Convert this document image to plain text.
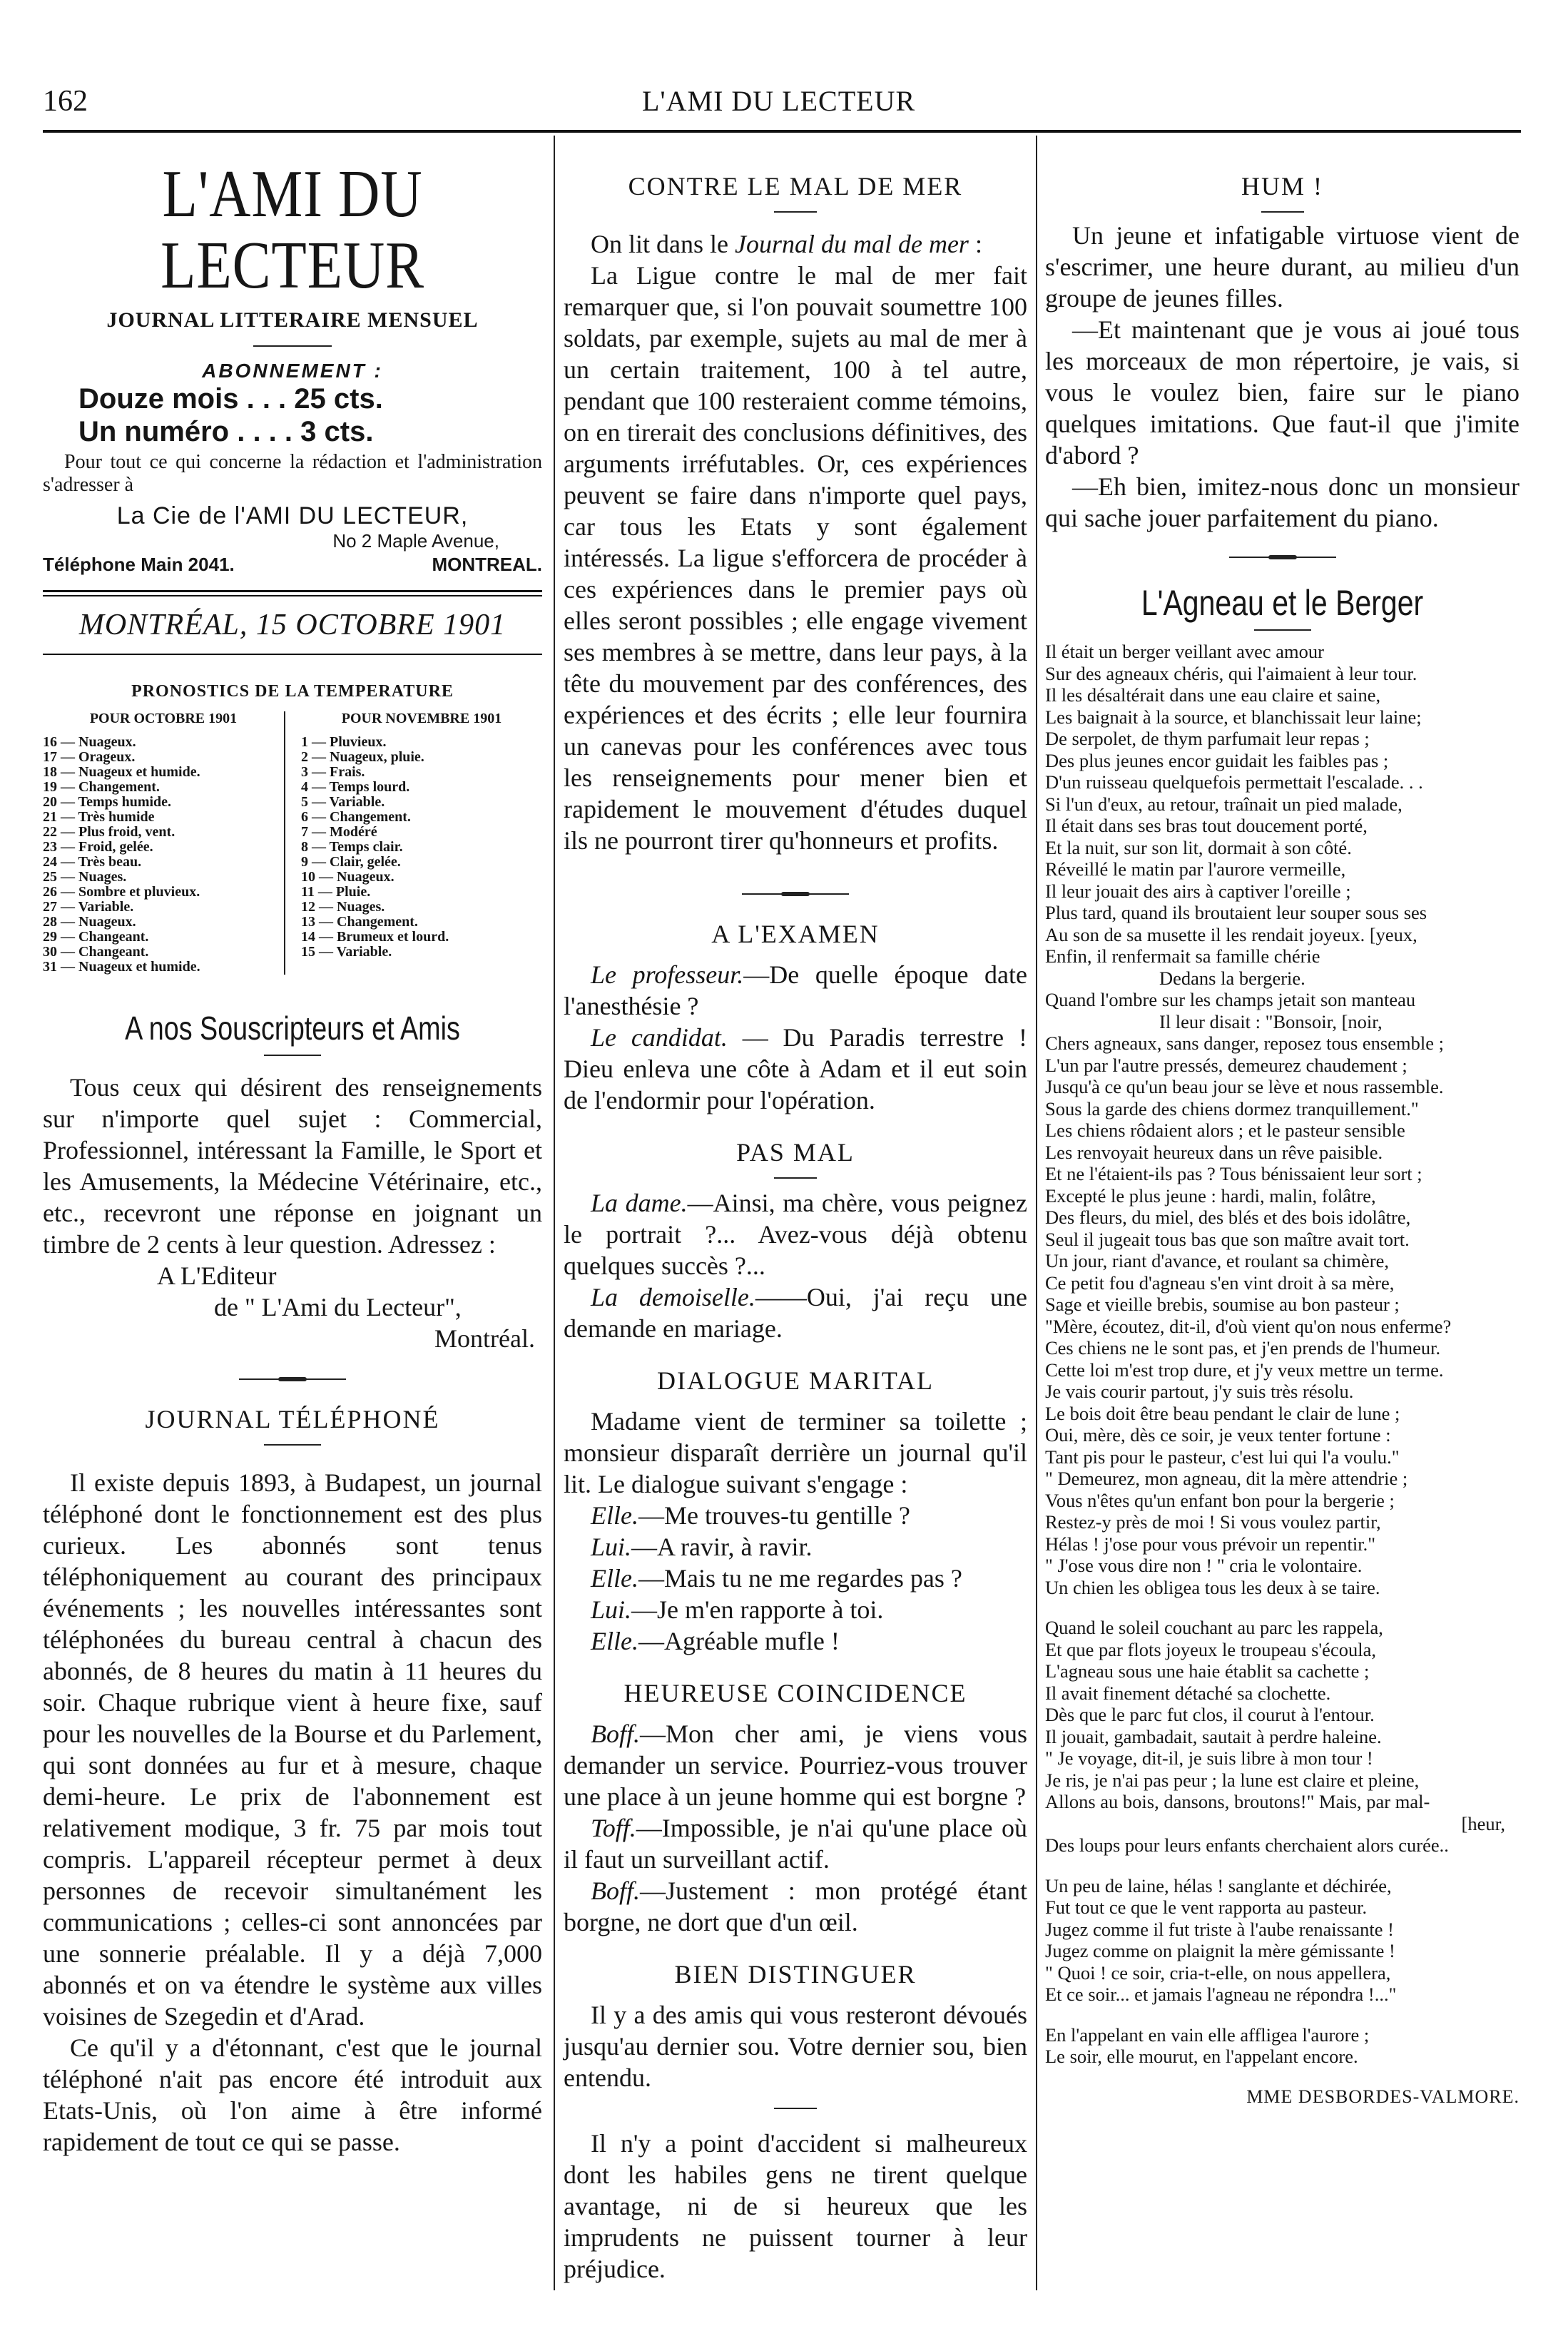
162	L'AMI DU LECTEUR
L'AMI DU LECTEUR
JOURNAL LITTERAIRE MENSUEL
ABONNEMENT :
Douze mois . . . 25 cts.
Un numéro . . . . 3 cts.
Pour tout ce qui concerne la rédaction et l'administration s'adresser à
La Cie de l'AMI DU LECTEUR,
No 2 Maple Avenue,
Téléphone Main 2041.	MONTREAL.
MONTRÉAL, 15 OCTOBRE 1901
PRONOSTICS DE LA TEMPERATURE
POUR OCTOBRE 1901
16 — Nuageux.
17 — Orageux.
18 — Nuageux et humide.
19 — Changement.
20 — Temps humide.
21 — Très humide
22 — Plus froid, vent.
23 — Froid, gelée.
24 — Très beau.
25 — Nuages.
26 — Sombre et pluvieux.
27 — Variable.
28 — Nuageux.
29 — Changeant.
30 — Changeant.
31 — Nuageux et humide.
POUR NOVEMBRE 1901
1 — Pluvieux.
2 — Nuageux, pluie.
3 — Frais.
4 — Temps lourd.
5 — Variable.
6 — Changement.
7 — Modéré
8 — Temps clair.
9 — Clair, gelée.
10 — Nuageux.
11 — Pluie.
12 — Nuages.
13 — Changement.
14 — Brumeux et lourd.
15 — Variable.
A nos Souscripteurs et Amis

Tous ceux qui désirent des renseignements sur n'importe quel sujet : Commercial, Professionnel, intéressant la Famille, le Sport et les Amusements, la Médecine Vétérinaire, etc., etc., recevront une réponse en joignant un timbre de 2 cents à leur question. Adressez :

A L'Editeur
de " L'Ami du Lecteur",
Montréal.
JOURNAL TÉLÉPHONÉ

Il existe depuis 1893, à Budapest, un journal téléphoné dont le fonctionnement est des plus curieux. Les abonnés sont tenus téléphoniquement au courant des principaux événements ; les nouvelles intéressantes sont téléphonées du bureau central à chacun des abonnés, de 8 heures du matin à 11 heures du soir. Chaque rubrique vient à heure fixe, sauf pour les nouvelles de la Bourse et du Parlement, qui sont données au fur et à mesure, chaque demi-heure. Le prix de l'abonnement est relativement modique, 3 fr. 75 par mois tout compris. L'appareil récepteur permet à deux personnes de recevoir simultanément les communications ; celles-ci sont annoncées par une sonnerie préalable. Il y a déjà 7,000 abonnés et on va étendre le système aux villes voisines de Szegedin et d'Arad.

Ce qu'il y a d'étonnant, c'est que le journal téléphoné n'ait pas encore été introduit aux Etats-Unis, où l'on aime à être informé rapidement de tout ce qui se passe.

CONTRE LE MAL DE MER

On lit dans le Journal du mal de mer :

La Ligue contre le mal de mer fait remarquer que, si l'on pouvait soumettre 100 soldats, par exemple, sujets au mal de mer à un certain traitement, 100 à tel autre, pendant que 100 resteraient comme témoins, on en tirerait des conclusions définitives, des arguments irréfutables. Or, ces expériences peuvent se faire dans n'importe quel pays, car tous les Etats y sont également intéressés. La ligue s'efforcera de procéder à ces expériences dans le premier pays où elles seront possibles ; elle engage vivement ses membres à se mettre, dans leur pays, à la tête du mouvement par des conférences, des expériences et des écrits ; elle leur fournira un canevas pour les conférences avec tous les renseignements pour mener bien et rapidement le mouvement d'études duquel ils ne pourront tirer qu'honneurs et profits.

A L'EXAMEN

Le professeur.—De quelle époque date l'anesthésie ?

Le candidat. — Du Paradis terrestre ! Dieu enleva une côte à Adam et il eut soin de l'endormir pour l'opération.

PAS MAL

La dame.—Ainsi, ma chère, vous peignez le portrait ?... Avez-vous déjà obtenu quelques succès ?...

La demoiselle.——Oui, j'ai reçu une demande en mariage.

DIALOGUE MARITAL

Madame vient de terminer sa toilette ; monsieur disparaît derrière un journal qu'il lit. Le dialogue suivant s'engage :

Elle.—Me trouves-tu gentille ?

Lui.—A ravir, à ravir.

Elle.—Mais tu ne me regardes pas ?

Lui.—Je m'en rapporte à toi.

Elle.—Agréable mufle !

HEUREUSE COINCIDENCE

Boff.—Mon cher ami, je viens vous demander un service. Pourriez-vous trouver une place à un jeune homme qui est borgne ?

Toff.—Impossible, je n'ai qu'une place où il faut un surveillant actif.

Boff.—Justement : mon protégé étant borgne, ne dort que d'un œil.

BIEN DISTINGUER

Il y a des amis qui vous resteront dévoués jusqu'au dernier sou. Votre dernier sou, bien entendu.

Il n'y a point d'accident si malheureux dont les habiles gens ne tirent quelque avantage, ni de si heureux que les imprudents ne puissent tourner à leur préjudice.

HUM !

Un jeune et infatigable virtuose vient de s'escrimer, une heure durant, au milieu d'un groupe de jeunes filles.

—Et maintenant que je vous ai joué tous les morceaux de mon répertoire, je vais, si vous le voulez bien, faire sur le piano quelques imitations. Que faut-il que j'imite d'abord ?

—Eh bien, imitez-nous donc un monsieur qui sache jouer parfaitement du piano.

L'Agneau et le Berger
Il était un berger veillant avec amour
Sur des agneaux chéris, qui l'aimaient à leur tour.
Il les désaltérait dans une eau claire et saine,
Les baignait à la source, et blanchissait leur laine;
De serpolet, de thym parfumait leur repas ;
Des plus jeunes encor guidait les faibles pas ;
D'un ruisseau quelquefois permettait l'escalade. . .
Si l'un d'eux, au retour, traînait un pied malade,
Il était dans ses bras tout doucement porté,
Et la nuit, sur son lit, dormait à son côté.
Réveillé le matin par l'aurore vermeille,
Il leur jouait des airs à captiver l'oreille ;
Plus tard, quand ils broutaient leur souper sous ses
Au son de sa musette il les rendait joyeux. [yeux,
Enfin, il renfermait sa famille chérie
Dedans la bergerie.
Quand l'ombre sur les champs jetait son manteau
Il leur disait : "Bonsoir, [noir,
Chers agneaux, sans danger, reposez tous ensemble ;
L'un par l'autre pressés, demeurez chaudement ;
Jusqu'à ce qu'un beau jour se lève et nous rassemble.
Sous la garde des chiens dormez tranquillement."
Les chiens rôdaient alors ; et le pasteur sensible
Les renvoyait heureux dans un rêve paisible.
Et ne l'étaient-ils pas ? Tous bénissaient leur sort ;
Excepté le plus jeune : hardi, malin, folâtre,
Des fleurs, du miel, des blés et des bois idolâtre,
Seul il jugeait tous bas que son maître avait tort.
Un jour, riant d'avance, et roulant sa chimère,
Ce petit fou d'agneau s'en vint droit à sa mère,
Sage et vieille brebis, soumise au bon pasteur ;
"Mère, écoutez, dit-il, d'où vient qu'on nous enferme?
Ces chiens ne le sont pas, et j'en prends de l'humeur.
Cette loi m'est trop dure, et j'y veux mettre un terme.
Je vais courir partout, j'y suis très résolu.
Le bois doit être beau pendant le clair de lune ;
Oui, mère, dès ce soir, je veux tenter fortune :
Tant pis pour le pasteur, c'est lui qui l'a voulu."
" Demeurez, mon agneau, dit la mère attendrie ;
Vous n'êtes qu'un enfant bon pour la bergerie ;
Restez-y près de moi ! Si vous voulez partir,
Hélas ! j'ose pour vous prévoir un repentir."
" J'ose vous dire non ! " cria le volontaire.
Un chien les obligea tous les deux à se taire.
Quand le soleil couchant au parc les rappela,
Et que par flots joyeux le troupeau s'écoula,
L'agneau sous une haie établit sa cachette ;
Il avait finement détaché sa clochette.
Dès que le parc fut clos, il courut à l'entour.
Il jouait, gambadait, sautait à perdre haleine.
" Je voyage, dit-il, je suis libre à mon tour !
Je ris, je n'ai pas peur ; la lune est claire et pleine,
Allons au bois, dansons, broutons!" Mais, par mal-
[heur,
Des loups pour leurs enfants cherchaient alors curée..
Un peu de laine, hélas ! sanglante et déchirée,
Fut tout ce que le vent rapporta au pasteur.
Jugez comme il fut triste à l'aube renaissante !
Jugez comme on plaignit la mère gémissante !
" Quoi ! ce soir, cria-t-elle, on nous appellera,
Et ce soir... et jamais l'agneau ne répondra !..."
En l'appelant en vain elle affligea l'aurore ;
Le soir, elle mourut, en l'appelant encore.
MME DESBORDES-VALMORE.
